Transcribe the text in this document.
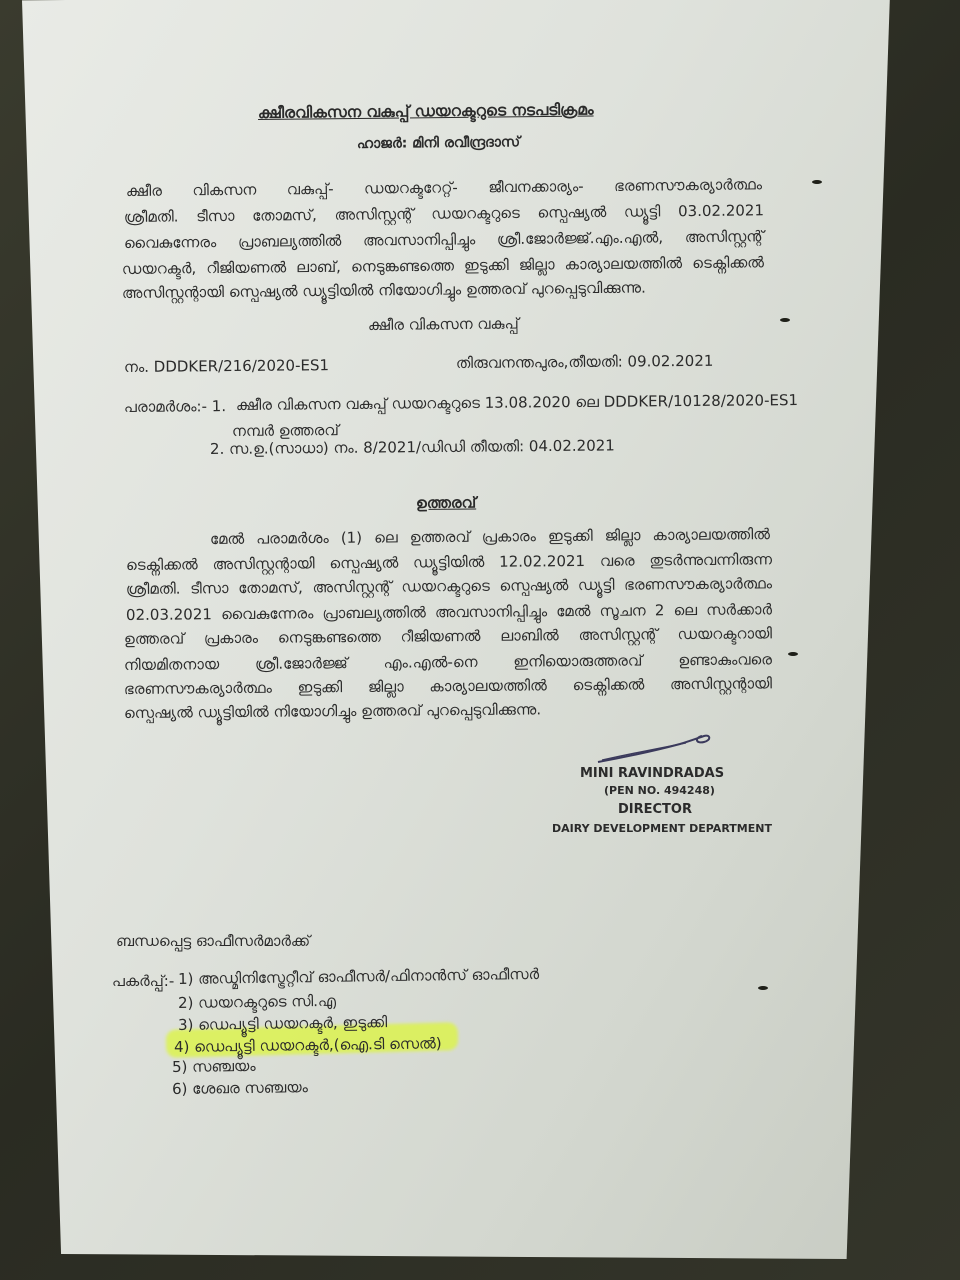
ക്ഷീരവികസന വകുപ്പ് ഡയറക്ടറുടെ നടപടിക്രമം
ഹാജർ: മിനി രവീന്ദ്രദാസ്
ക്ഷീര വികസന വകുപ്പ്- ഡയറക്ടറേറ്റ്- ജീവനക്കാര്യം- ഭരണസൗകര്യാർത്ഥം
ശ്രീമതി. ടീസാ തോമസ്, അസിസ്റ്റന്റ് ഡയറക്ടറുടെ സ്പെഷ്യൽ ഡ്യൂട്ടി 03.02.2021
വൈകുന്നേരം പ്രാബല്യത്തിൽ അവസാനിപ്പിച്ചും ശ്രീ.ജോർജ്ജ്.എം.എൽ, അസിസ്റ്റന്റ്
ഡയറക്ടർ, റീജിയണൽ ലാബ്, നെടുങ്കണ്ടത്തെ ഇടുക്കി ജില്ലാ കാര്യാലയത്തിൽ ടെക്നിക്കൽ
അസിസ്റ്റന്റായി സ്പെഷ്യൽ ഡ്യൂട്ടിയിൽ നിയോഗിച്ചും ഉത്തരവ് പുറപ്പെടുവിക്കുന്നു.
ക്ഷീര വികസന വകുപ്പ്
നം. DDDKER/216/2020-ES1	തിരുവനന്തപുരം,തീയതി: 09.02.2021
പരാമർശം:- 1. ക്ഷീര വികസന വകുപ്പ് ഡയറക്ടറുടെ 13.08.2020 ലെ DDDKER/10128/2020-ES1
നമ്പർ ഉത്തരവ്
2. സ.ഉ.(സാധാ) നം. 8/2021/ഡിഡി തീയതി: 04.02.2021
ഉത്തരവ്
മേൽ പരാമർശം (1) ലെ ഉത്തരവ് പ്രകാരം ഇടുക്കി ജില്ലാ കാര്യാലയത്തിൽ
ടെക്നിക്കൽ അസിസ്റ്റന്റായി സ്പെഷ്യൽ ഡ്യൂട്ടിയിൽ 12.02.2021 വരെ തുടർന്നുവന്നിരുന്ന
ശ്രീമതി. ടീസാ തോമസ്, അസിസ്റ്റന്റ് ഡയറക്ടറുടെ സ്പെഷ്യൽ ഡ്യൂട്ടി ഭരണസൗകര്യാർത്ഥം
02.03.2021 വൈകുന്നേരം പ്രാബല്യത്തിൽ അവസാനിപ്പിച്ചും മേൽ സൂചന 2 ലെ സർക്കാർ
ഉത്തരവ് പ്രകാരം നെടുങ്കണ്ടത്തെ റീജിയണൽ ലാബിൽ അസിസ്റ്റന്റ് ഡയറക്ടറായി
നിയമിതനായ ശ്രീ.ജോർജ്ജ് എം.എൽ-നെ ഇനിയൊരുത്തരവ് ഉണ്ടാകുംവരെ
ഭരണസൗകര്യാർത്ഥം ഇടുക്കി ജില്ലാ കാര്യാലയത്തിൽ ടെക്നിക്കൽ അസിസ്റ്റന്റായി
സ്പെഷ്യൽ ഡ്യൂട്ടിയിൽ നിയോഗിച്ചും ഉത്തരവ് പുറപ്പെടുവിക്കുന്നു.
MINI RAVINDRADAS
(PEN NO. 494248)
DIRECTOR
DAIRY DEVELOPMENT DEPARTMENT
ബന്ധപ്പെട്ട ഓഫീസർമാർക്ക്
പകർപ്പ്:- 1) അഡ്മിനിസ്ട്രേറ്റീവ് ഓഫീസർ/ഫിനാൻസ് ഓഫീസർ
2) ഡയറക്ടറുടെ സി.എ
3) ഡെപ്യൂട്ടി ഡയറക്ടർ, ഇടുക്കി
4) ഡെപ്യൂട്ടി ഡയറക്ടർ,(ഐ.ടി സെൽ)
5) സഞ്ചയം
6) ശേഖര സഞ്ചയം
